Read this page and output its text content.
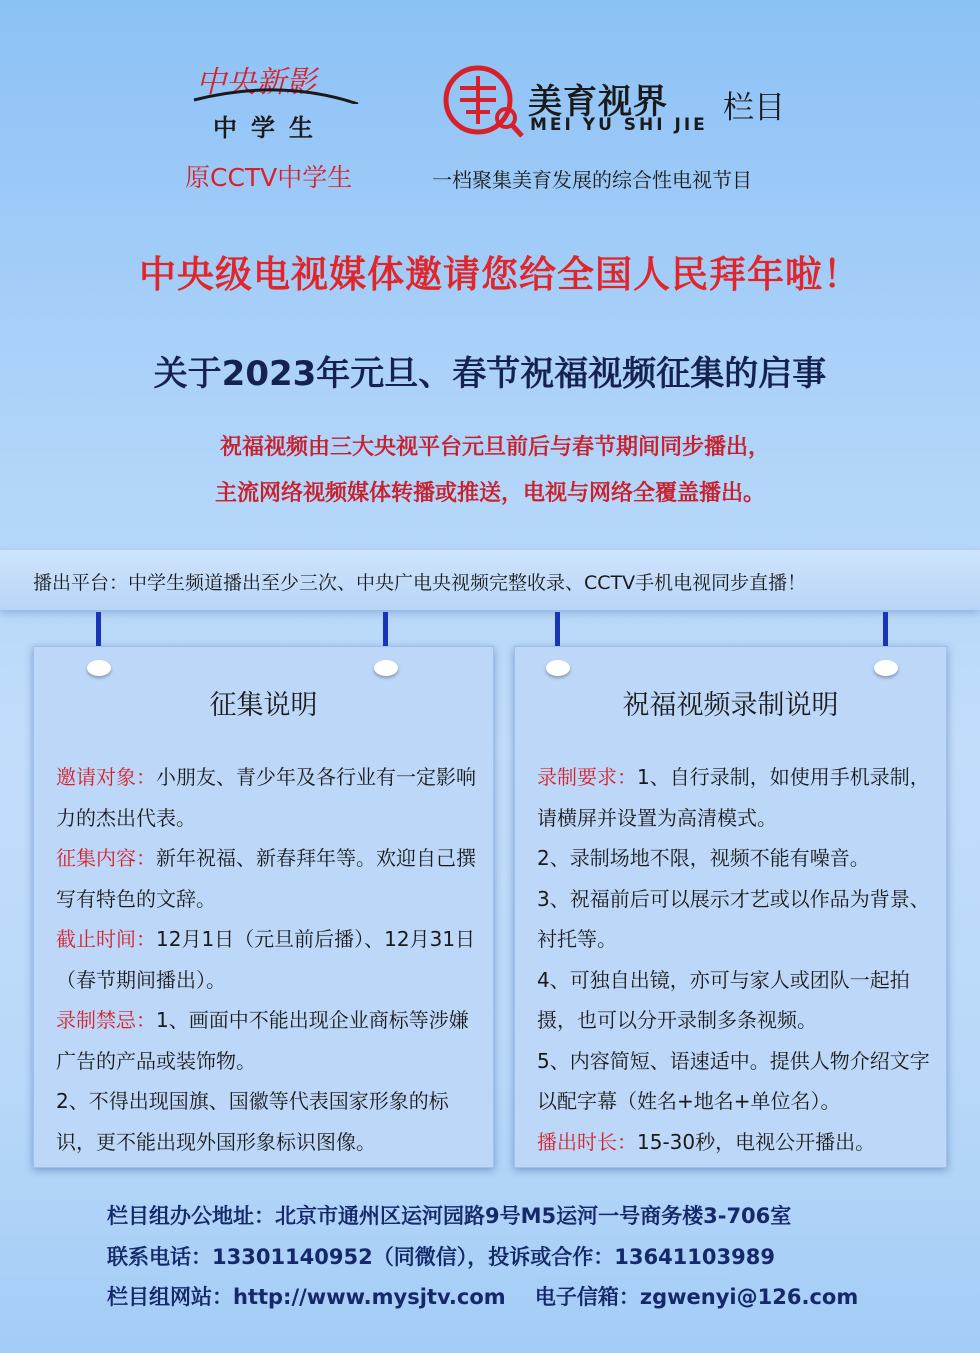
中央新影
中学生
原CCTV中学生
美育视界
MEI YU SHI JIE 栏目
一档聚集美育发展的综合性电视节目
中央级电视媒体邀请您给全国人民拜年啦！
关于2023年元旦、春节祝福视频征集的启事
祝福视频由三大央视平台元旦前后与春节期间同步播出，
主流网络视频媒体转播或推送，电视与网络全覆盖播出。
播出平台：中学生频道播出至少三次、中央广电央视频完整收录、CCTV手机电视同步直播！
征集说明

邀请对象：小朋友、青少年及各行业有一定影响力的杰出代表。

征集内容：新年祝福、新春拜年等。欢迎自己撰写有特色的文辞。

截止时间：12月1日（元旦前后播）、12月31日（春节期间播出）。

录制禁忌：1、画面中不能出现企业商标等涉嫌广告的产品或装饰物。

2、不得出现国旗、国徽等代表国家形象的标识，更不能出现外国形象标识图像。

祝福视频录制说明

录制要求：1、自行录制，如使用手机录制，请横屏并设置为高清模式。

2、录制场地不限，视频不能有噪音。

3、祝福前后可以展示才艺或以作品为背景、衬托等。

4、可独自出镜，亦可与家人或团队一起拍摄，也可以分开录制多条视频。

5、内容简短、语速适中。提供人物介绍文字以配字幕（姓名+地名+单位名）。

播出时长：15-30秒，电视公开播出。

栏目组办公地址：北京市通州区运河园路9号M5运河一号商务楼3-706室
联系电话：13301140952（同微信），投诉或合作：13641103989
栏目组网站：http://www.mysjtv.com    电子信箱：zgwenyi@126.com
